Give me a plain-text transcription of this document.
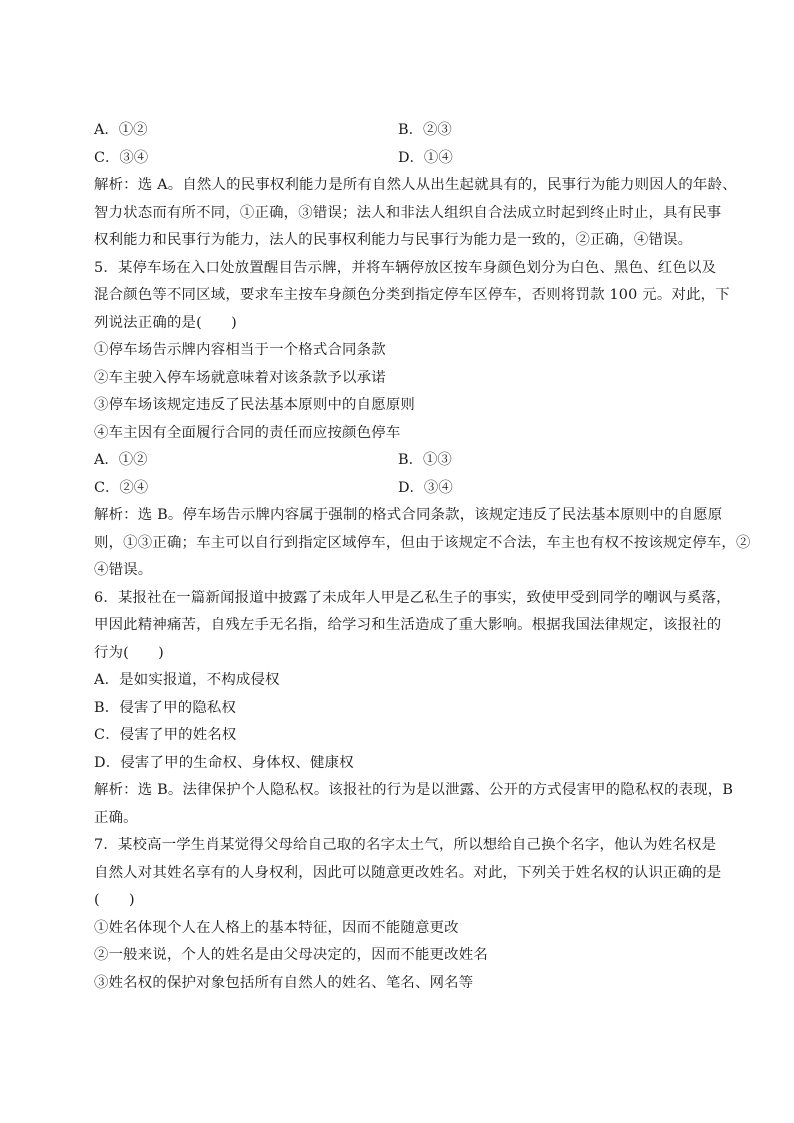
A．①②	B．②③
C．③④	D．①④
解析：选 A。自然人的民事权利能力是所有自然人从出生起就具有的，民事行为能力则因人的年龄、
智力状态而有所不同，①正确，③错误；法人和非法人组织自合法成立时起到终止时止，具有民事
权利能力和民事行为能力，法人的民事权利能力与民事行为能力是一致的，②正确，④错误。
5．某停车场在入口处放置醒目告示牌，并将车辆停放区按车身颜色划分为白色、黑色、红色以及
混合颜色等不同区域，要求车主按车身颜色分类到指定停车区停车，否则将罚款 100 元。对此，下
列说法正确的是(　　)
①停车场告示牌内容相当于一个格式合同条款
②车主驶入停车场就意味着对该条款予以承诺
③停车场该规定违反了民法基本原则中的自愿原则
④车主因有全面履行合同的责任而应按颜色停车
A．①②	B．①③
C．②④	D．③④
解析：选 B。停车场告示牌内容属于强制的格式合同条款，该规定违反了民法基本原则中的自愿原
则，①③正确；车主可以自行到指定区域停车，但由于该规定不合法，车主也有权不按该规定停车，②
④错误。
6．某报社在一篇新闻报道中披露了未成年人甲是乙私生子的事实，致使甲受到同学的嘲讽与奚落，
甲因此精神痛苦，自残左手无名指，给学习和生活造成了重大影响。根据我国法律规定，该报社的
行为(　　)
A．是如实报道，不构成侵权
B．侵害了甲的隐私权
C．侵害了甲的姓名权
D．侵害了甲的生命权、身体权、健康权
解析：选 B。法律保护个人隐私权。该报社的行为是以泄露、公开的方式侵害甲的隐私权的表现，B
正确。
7．某校高一学生肖某觉得父母给自己取的名字太土气，所以想给自己换个名字，他认为姓名权是
自然人对其姓名享有的人身权利，因此可以随意更改姓名。对此，下列关于姓名权的认识正确的是
(　　)
①姓名体现个人在人格上的基本特征，因而不能随意更改
②一般来说，个人的姓名是由父母决定的，因而不能更改姓名
③姓名权的保护对象包括所有自然人的姓名、笔名、网名等
